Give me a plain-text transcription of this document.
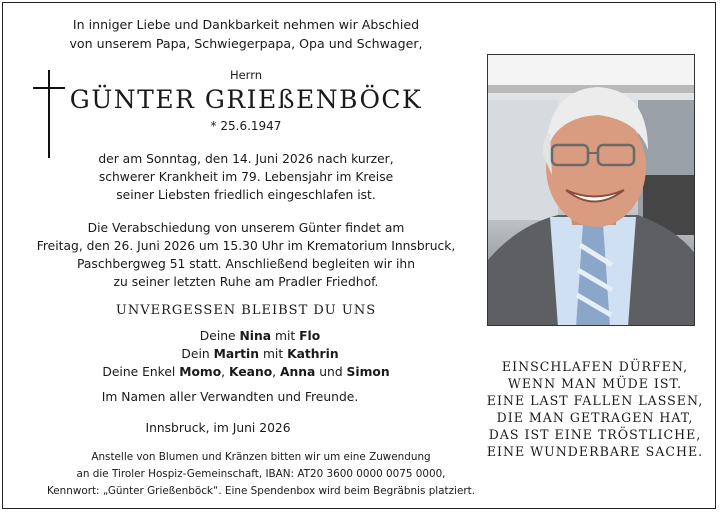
In inniger Liebe und Dankbarkeit nehmen wir Abschied
von unserem Papa, Schwiegerpapa, Opa und Schwager,
Herrn
GÜNTER GRIEßENBÖCK
* 25.6.1947
der am Sonntag, den 14. Juni 2026 nach kurzer,
schwerer Krankheit im 79. Lebensjahr im Kreise
seiner Liebsten friedlich eingeschlafen ist.
Die Verabschiedung von unserem Günter findet am
Freitag, den 26. Juni 2026 um 15.30 Uhr im Krematorium Innsbruck,
Paschbergweg 51 statt. Anschließend begleiten wir ihn
zu seiner letzten Ruhe am Pradler Friedhof.
UNVERGESSEN BLEIBST DU UNS
Deine Nina mit Flo
Dein Martin mit Kathrin
Deine Enkel Momo, Keano, Anna und Simon
Im Namen aller Verwandten und Freunde.
Innsbruck, im Juni 2026
Anstelle von Blumen und Kränzen bitten wir um eine Zuwendung
an die Tiroler Hospiz-Gemeinschaft, IBAN: AT20 3600 0000 0075 0000,
Kennwort: „Günter Grießenböck“. Eine Spendenbox wird beim Begräbnis platziert.
EINSCHLAFEN DÜRFEN,
WENN MAN MÜDE IST.
EINE LAST FALLEN LASSEN,
DIE MAN GETRAGEN HAT,
DAS IST EINE TRÖSTLICHE,
EINE WUNDERBARE SACHE.
